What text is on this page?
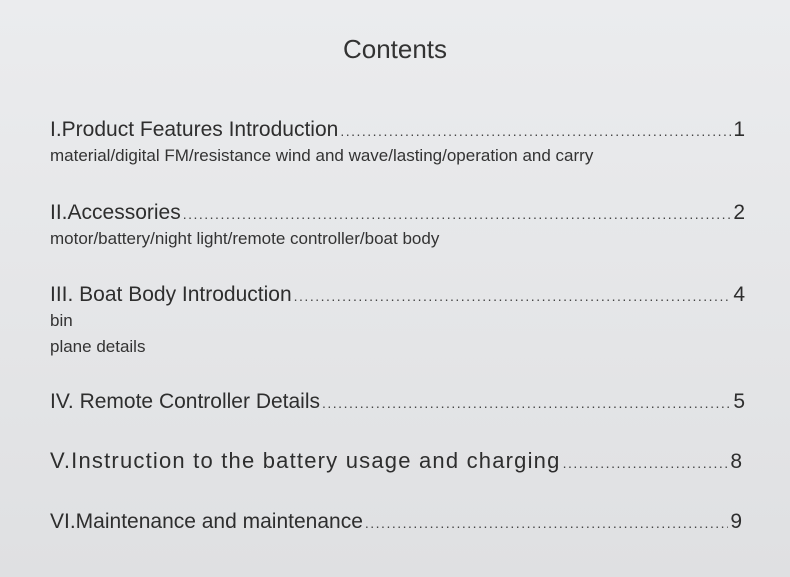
Contents
I.Product Features Introduction .....	1
material/digital FM/resistance wind and wave/lasting/operation and carry
II.Accessories .....	2
motor/battery/night light/remote controller/boat body
III. Boat Body Introduction .....	4
bin
plane details
IV. Remote Controller Details .....	5
V.Instruction to the battery usage and charging .....	8
VI.Maintenance and maintenance .....	9
